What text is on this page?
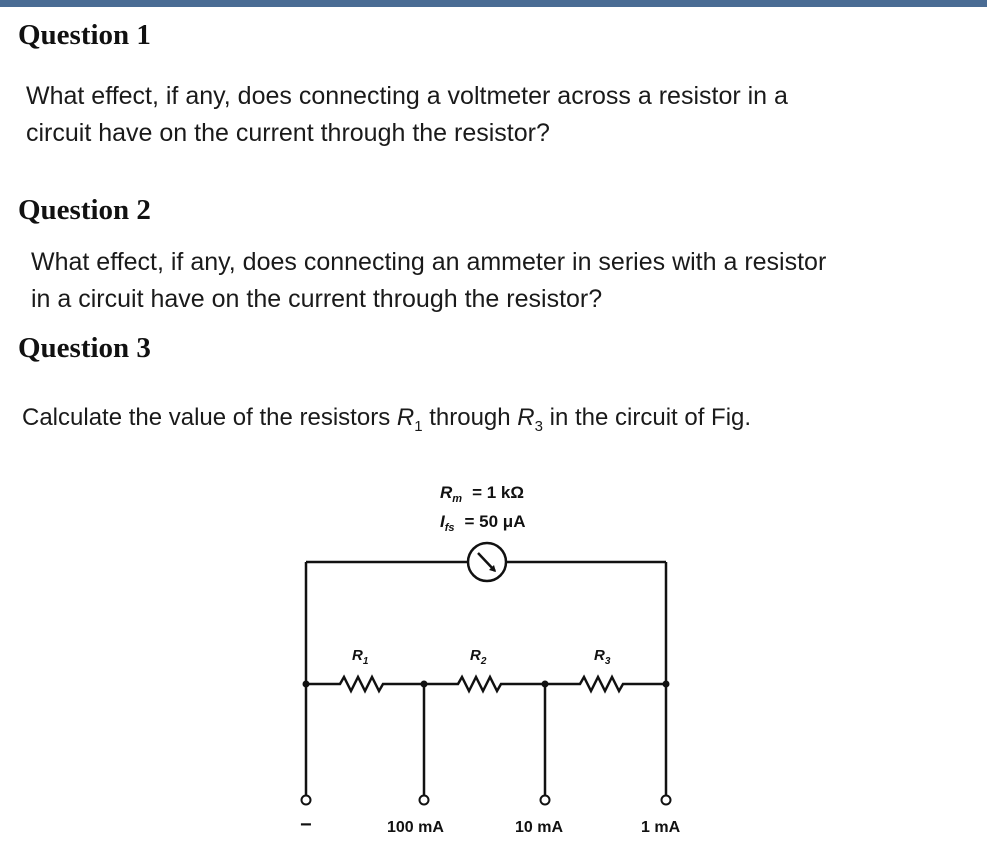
Question 1
What effect, if any, does connecting a voltmeter across a resistor in a
circuit have on the current through the resistor?
Question 2
What effect, if any, does connecting an ammeter in series with a resistor
in a circuit have on the current through the resistor?
Question 3
Calculate the value of the resistors $R_1$ through $R_3$ in the circuit of Fig.
$R_m = 1$ kΩ
$I_{fs} = 50$ μA
$R_1$	$R_2$	$R_3$
−	100 mA	10 mA	1 mA
